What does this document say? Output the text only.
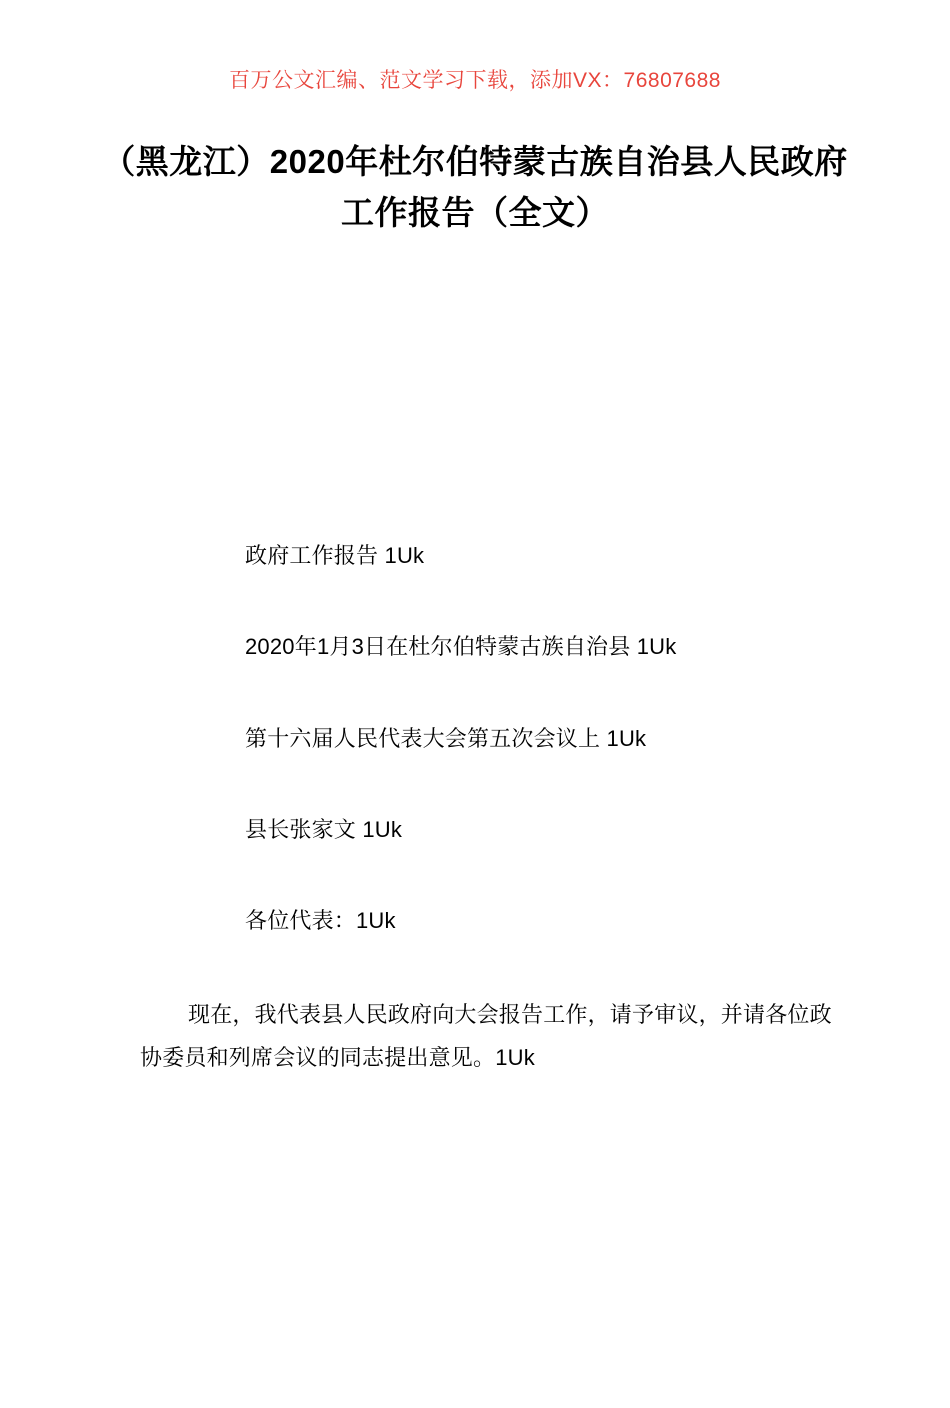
百万公文汇编、范文学习下载，添加VX：76807688
（黑龙江）2020年杜尔伯特蒙古族自治县人民政府工作报告（全文）

政府工作报告 1Uk

2020年1月3日在杜尔伯特蒙古族自治县 1Uk

第十六届人民代表大会第五次会议上 1Uk

县长张家文 1Uk

各位代表：1Uk

现在，我代表县人民政府向大会报告工作，请予审议，并请各位政协委员和列席会议的同志提出意见。1Uk
